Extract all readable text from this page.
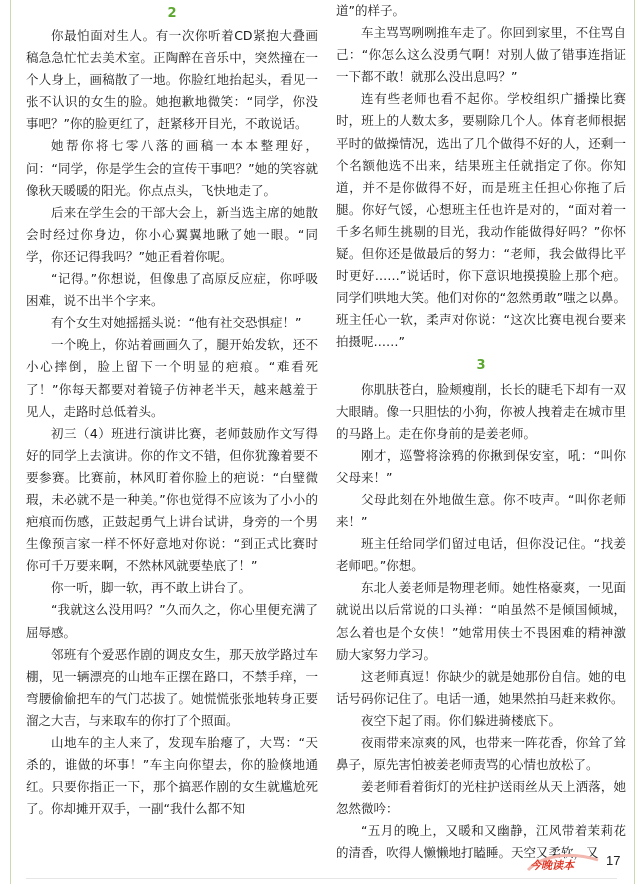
2

你最怕面对生人。有一次你听着CD紧抱大叠画稿急急忙忙去美术室。正陶醉在音乐中，突然撞在一个人身上，画稿散了一地。你脸红地抬起头，看见一张不认识的女生的脸。她抱歉地微笑：“同学，你没事吧？”你的脸更红了，赶紧移开目光，不敢说话。

她帮你将七零八落的画稿一本本整理好，问：“同学，你是学生会的宣传干事吧？”她的笑容就像秋天暖暖的阳光。你点点头，飞快地走了。

后来在学生会的干部大会上，新当选主席的她散会时经过你身边，你小心翼翼地瞅了她一眼。“同学，你还记得我吗？”她正看着你呢。

“记得。”你想说，但像患了高原反应症，你呼吸困难，说不出半个字来。

有个女生对她摇摇头说：“他有社交恐惧症！”

一个晚上，你站着画画久了，腿开始发软，还不小心摔倒，脸上留下一个明显的疤痕。“难看死了！”你每天都要对着镜子仿神老半天，越来越羞于见人，走路时总低着头。

初三（4）班进行演讲比赛，老师鼓励作文写得好的同学上去演讲。你的作文不错，但你犹豫着要不要参赛。比赛前，林风盯着你脸上的疤说：“白璧微瑕，未必就不是一种美。”你也觉得不应该为了小小的疤痕而伤感，正鼓起勇气上讲台试讲，身旁的一个男生像预言家一样不怀好意地对你说：“到正式比赛时你可千万要来啊，不然林风就要垫底了！”

你一听，脚一软，再不敢上讲台了。

“我就这么没用吗？”久而久之，你心里便充满了屈辱感。

邻班有个爱恶作剧的调皮女生，那天放学路过车棚，见一辆漂亮的山地车正摆在路口，不禁手痒，一弯腰偷偷把车的气门芯拔了。她慌慌张张地转身正要溜之大吉，与来取车的你打了个照面。

山地车的主人来了，发现车胎瘪了，大骂：“天杀的，谁做的坏事！”车主向你望去，你的脸倏地通红。只要你指正一下，那个搞恶作剧的女生就尴尬死了。你却摊开双手，一副“我什么都不知

道”的样子。

车主骂骂咧咧推车走了。你回到家里，不住骂自己：“你怎么这么没勇气啊！对别人做了错事连指证一下都不敢！就那么没出息吗？”

连有些老师也看不起你。学校组织广播操比赛时，班上的人数太多，要剔除几个人。体育老师根据平时的做操情况，选出了几个做得不好的人，还剩一个名额他选不出来，结果班主任就指定了你。你知道，并不是你做得不好，而是班主任担心你拖了后腿。你好气馁，心想班主任也许是对的，“面对着一千多名师生挑剔的目光，我动作能做得好吗？”你怀疑。但你还是做最后的努力：“老师，我会做得比平时更好……”说话时，你下意识地摸摸脸上那个疤。同学们哄地大笑。他们对你的“忽然勇敢”嗤之以鼻。班主任心一软，柔声对你说：“这次比赛电视台要来拍摄呢……”

3

你肌肤苍白，脸颊瘦削，长长的睫毛下却有一双大眼睛。像一只胆怯的小狗，你被人拽着走在城市里的马路上。走在你身前的是姜老师。

刚才，巡警将涂鸦的你揪到保安室，吼：“叫你父母来！”

父母此刻在外地做生意。你不吱声。“叫你老师来！”

班主任给同学们留过电话，但你没记住。“找姜老师吧。”你想。

东北人姜老师是物理老师。她性格豪爽，一见面就说出以后常说的口头禅：“咱虽然不是倾国倾城，怎么着也是个女侠！”她常用侠士不畏困难的精神激励大家努力学习。

这老师真逗！你缺少的就是她那份自信。她的电话号码你记住了。电话一通，她果然拍马赶来救你。

夜空下起了雨。你们躲进骑楼底下。

夜雨带来凉爽的风，也带来一阵花香，你耸了耸鼻子，原先害怕被姜老师责骂的心情也放松了。

姜老师看着街灯的光柱护送雨丝从天上洒落，她忽然微吟：

“五月的晚上，又暖和又幽静，江风带着茉莉花的清香，吹得人懒懒地打瞌睡。天空又柔软，又

今晚读本 17
